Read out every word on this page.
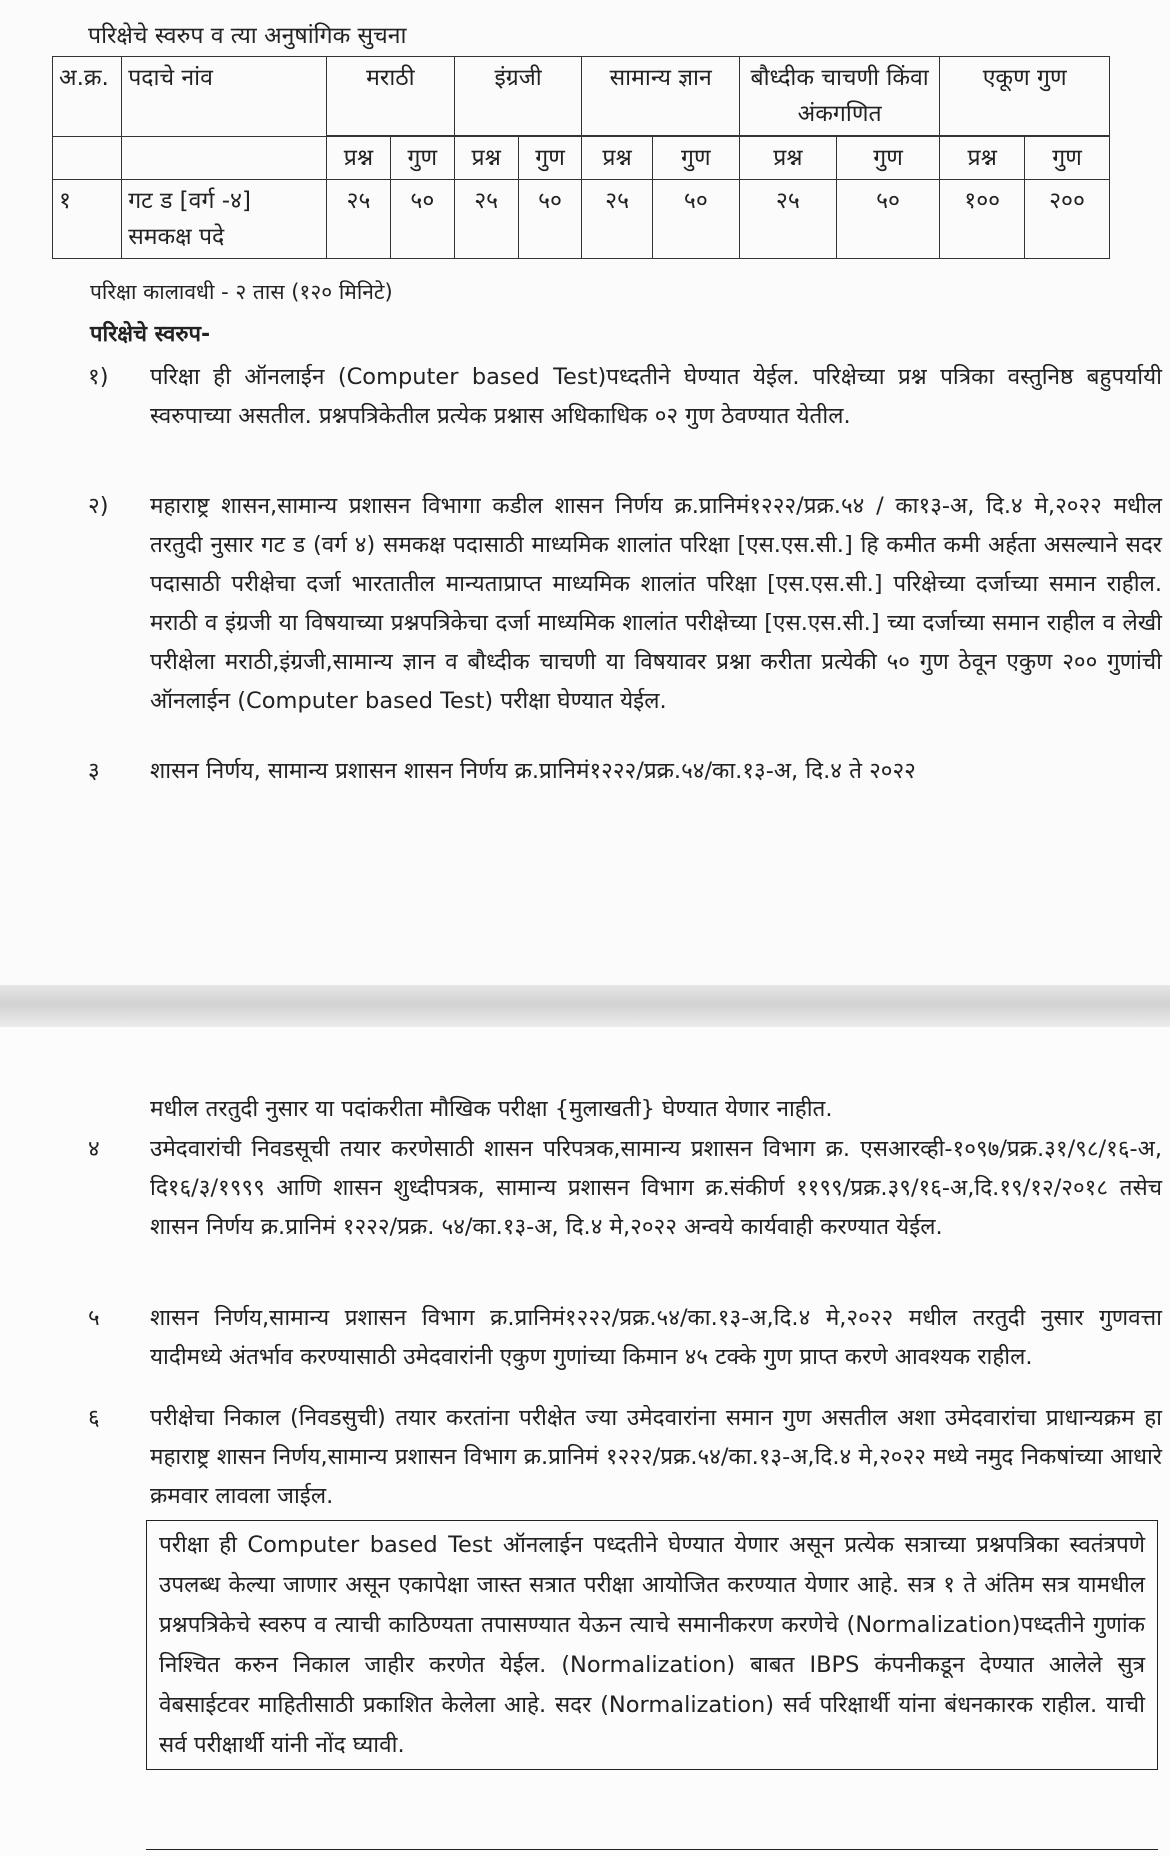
परिक्षेचे स्वरुप व त्या अनुषांगिक सुचना
अ.क्र.	पदाचे नांव	मराठी		इंग्रजी		सामान्य ज्ञान		बौध्दीक चाचणी किंवा अंकगणित		एकूण गुण	

		प्रश्न	गुण	प्रश्न	गुण	प्रश्न	गुण	प्रश्न	गुण	प्रश्न	गुण
१	गट ड [वर्ग -४] समकक्ष पदे	२५	५०	२५	५०	२५	५०	२५	५०	१००	२००
परिक्षा कालावधी - २ तास (१२० मिनिटे)
परिक्षेचे स्वरुप-
१)	परिक्षा ही ऑनलाईन (Computer based Test)पध्दतीने घेण्यात येईल. परिक्षेच्या प्रश्न पत्रिका वस्तुनिष्ठ बहुपर्यायी स्वरुपाच्या असतील. प्रश्नपत्रिकेतील प्रत्येक प्रश्नास अधिकाधिक ०२ गुण ठेवण्यात येतील.
२)	महाराष्ट्र शासन,सामान्य प्रशासन विभागा कडील शासन निर्णय क्र.प्रानिमं१२२२/प्रक्र.५४ / का१३-अ, दि.४ मे,२०२२ मधील तरतुदी नुसार गट ड (वर्ग ४) समकक्ष पदासाठी माध्यमिक शालांत परिक्षा [एस.एस.सी.] हि कमीत कमी अर्हता असल्याने सदर पदासाठी परीक्षेचा दर्जा भारतातील मान्यताप्राप्त माध्यमिक शालांत परिक्षा [एस.एस.सी.] परिक्षेच्या दर्जाच्या समान राहील. मराठी व इंग्रजी या विषयाच्या प्रश्नपत्रिकेचा दर्जा माध्यमिक शालांत परीक्षेच्या [एस.एस.सी.] च्या दर्जाच्या समान राहील व लेखी परीक्षेला मराठी,इंग्रजी,सामान्य ज्ञान व बौध्दीक चाचणी या विषयावर प्रश्ना करीता प्रत्येकी ५० गुण ठेवून एकुण २०० गुणांची ऑनलाईन (Computer based Test) परीक्षा घेण्यात येईल.
३	शासन निर्णय, सामान्य प्रशासन शासन निर्णय क्र.प्रानिमं१२२२/प्रक्र.५४/का.१३-अ, दि.४ ते २०२२
मधील तरतुदी नुसार या पदांकरीता मौखिक परीक्षा {मुलाखती} घेण्यात येणार नाहीत.
४	उमेदवारांची निवडसूची तयार करणेसाठी शासन परिपत्रक,सामान्य प्रशासन विभाग क्र. एसआरव्ही-१०९७/प्रक्र.३१/९८/१६-अ, दि१६/३/१९९९ आणि शासन शुध्दीपत्रक, सामान्य प्रशासन विभाग क्र.संकीर्ण ११९९/प्रक्र.३९/१६-अ,दि.१९/१२/२०१८ तसेच शासन निर्णय क्र.प्रानिमं १२२२/प्रक्र. ५४/का.१३-अ, दि.४ मे,२०२२ अन्वये कार्यवाही करण्यात येईल.
५	शासन निर्णय,सामान्य प्रशासन विभाग क्र.प्रानिमं१२२२/प्रक्र.५४/का.१३-अ,दि.४ मे,२०२२ मधील तरतुदी नुसार गुणवत्ता यादीमध्ये अंतर्भाव करण्यासाठी उमेदवारांनी एकुण गुणांच्या किमान ४५ टक्के गुण प्राप्त करणे आवश्यक राहील.
६	परीक्षेचा निकाल (निवडसुची) तयार करतांना परीक्षेत ज्या उमेदवारांना समान गुण असतील अशा उमेदवारांचा प्राधान्यक्रम हा महाराष्ट्र शासन निर्णय,सामान्य प्रशासन विभाग क्र.प्रानिमं १२२२/प्रक्र.५४/का.१३-अ,दि.४ मे,२०२२ मध्ये नमुद निकषांच्या आधारे क्रमवार लावला जाईल.
परीक्षा ही Computer based Test ऑनलाईन पध्दतीने घेण्यात येणार असून प्रत्येक सत्राच्या प्रश्नपत्रिका स्वतंत्रपणे उपलब्ध केल्या जाणार असून एकापेक्षा जास्त सत्रात परीक्षा आयोजित करण्यात येणार आहे. सत्र १ ते अंतिम सत्र यामधील प्रश्नपत्रिकेचे स्वरुप व त्याची काठिण्यता तपासण्यात येऊन त्याचे समानीकरण करणेचे (Normalization)पध्दतीने गुणांक निश्चित करुन निकाल जाहीर करणेत येईल. (Normalization) बाबत IBPS कंपनीकडून देण्यात आलेले सुत्र वेबसाईटवर माहितीसाठी प्रकाशित केलेला आहे. सदर (Normalization) सर्व परिक्षार्थी यांना बंधनकारक राहील. याची सर्व परीक्षार्थी यांनी नोंद घ्यावी.
